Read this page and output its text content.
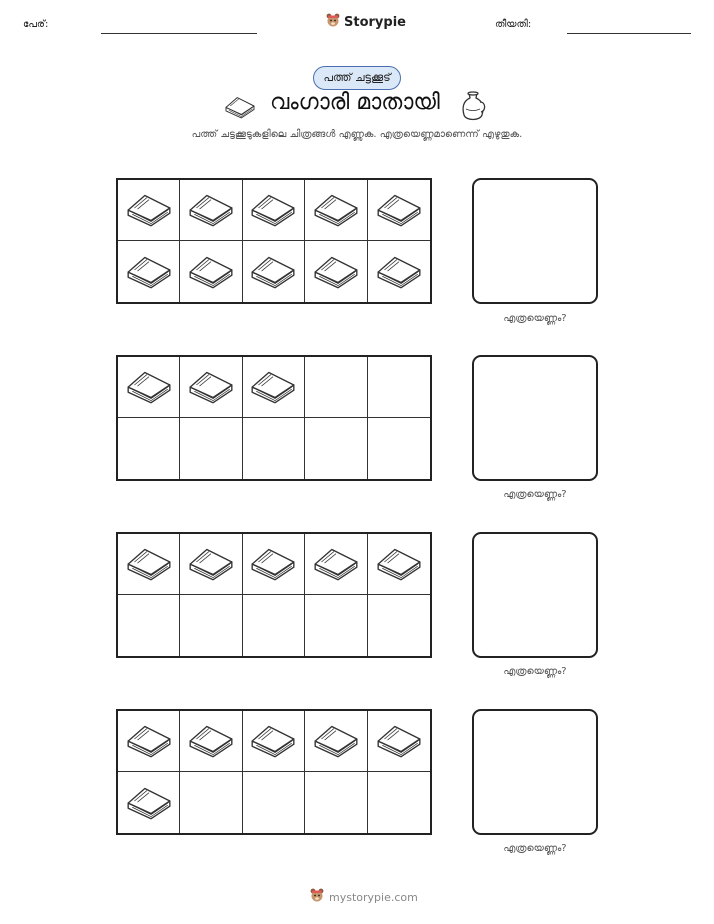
പേര്:	Storypie	തീയതി:
പത്ത് ചട്ടക്കൂട്
വംഗാരി മാതായി
പത്ത് ചട്ടക്കൂടുകളിലെ ചിത്രങ്ങൾ എണ്ണുക. എത്രയെണ്ണമാണെന്ന് എഴുതുക.
എത്രയെണ്ണം?
എത്രയെണ്ണം?
എത്രയെണ്ണം?
എത്രയെണ്ണം?
mystorypie.com
